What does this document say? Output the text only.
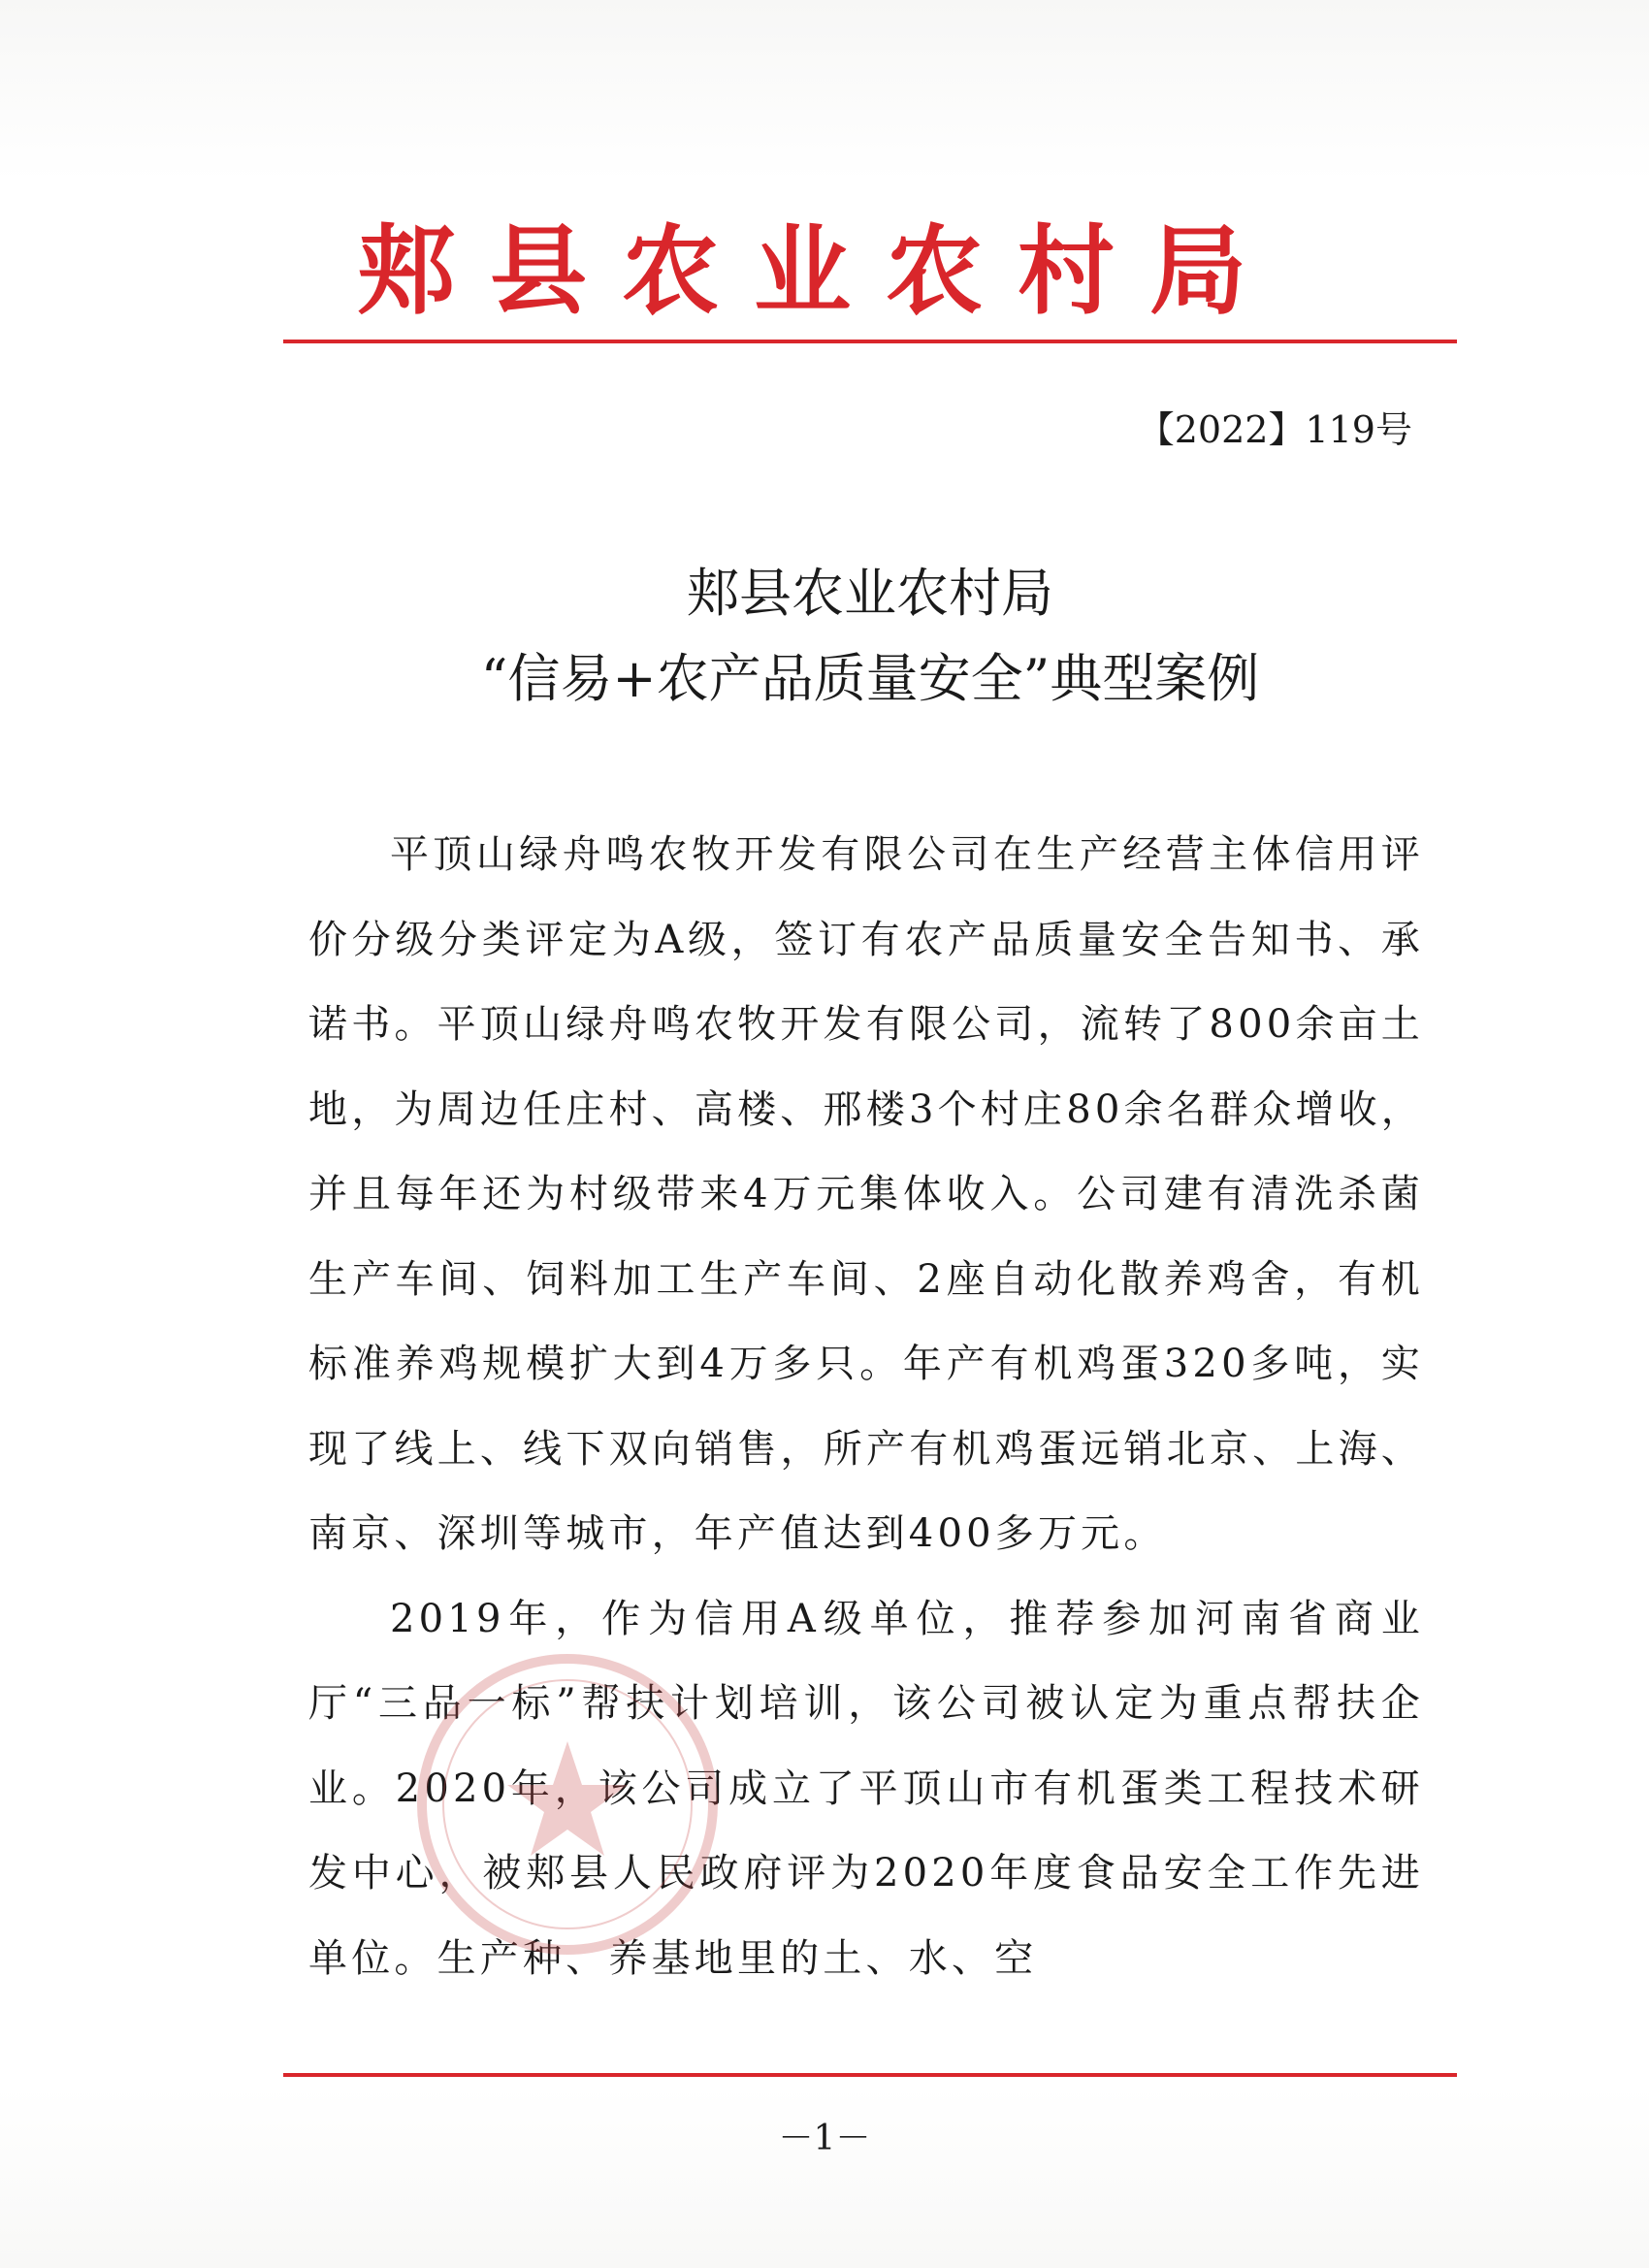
郏县农业农村局
【2022】119号
郏县农业农村局
“信易+农产品质量安全”典型案例

平顶山绿舟鸣农牧开发有限公司在生产经营主体信用评价分级分类评定为A级，签订有农产品质量安全告知书、承诺书。平顶山绿舟鸣农牧开发有限公司，流转了800余亩土地，为周边任庄村、高楼、邢楼3个村庄80余名群众增收，并且每年还为村级带来4万元集体收入。公司建有清洗杀菌生产车间、饲料加工生产车间、2座自动化散养鸡舍，有机标准养鸡规模扩大到4万多只。年产有机鸡蛋320多吨，实现了线上、线下双向销售，所产有机鸡蛋远销北京、上海、南京、深圳等城市，年产值达到400多万元。

2019年，作为信用A级单位，推荐参加河南省商业厅“三品一标”帮扶计划培训，该公司被认定为重点帮扶企业。2020年，该公司成立了平顶山市有机蛋类工程技术研发中心，被郏县人民政府评为2020年度食品安全工作先进单位。生产种、养基地里的土、水、空

－1－
